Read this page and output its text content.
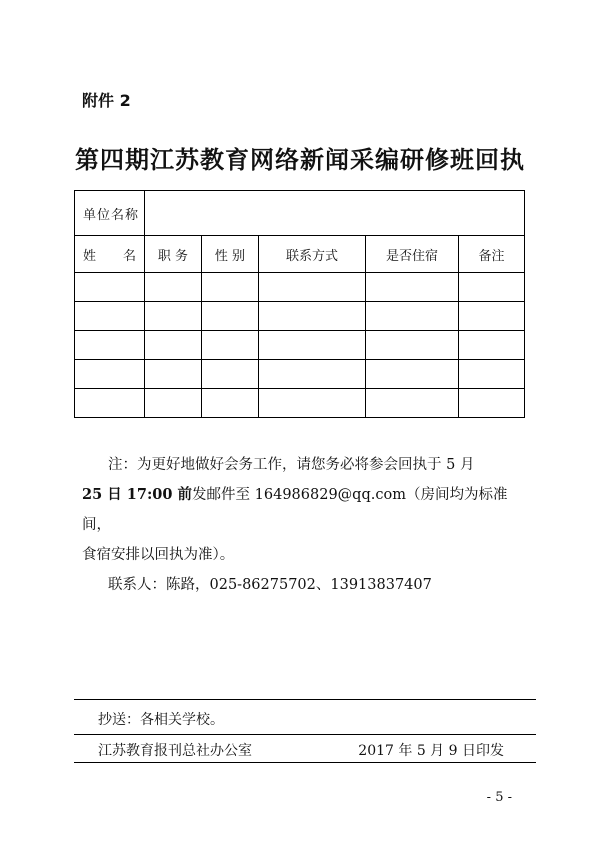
附件 2
第四期江苏教育网络新闻采编研修班回执
单位名称					

姓 名	职 务	性 别	联系方式	是否住宿	备注

注：为更好地做好会务工作，请您务必将参会回执于 5 月

25 日 17:00 前发邮件至 164986829@qq.com（房间均为标准间，

食宿安排以回执为准）。

联系人：陈路，025-86275702、13913837407

抄送：各相关学校。
江苏教育报刊总社办公室	2017 年 5 月 9 日印发
- 5 -
